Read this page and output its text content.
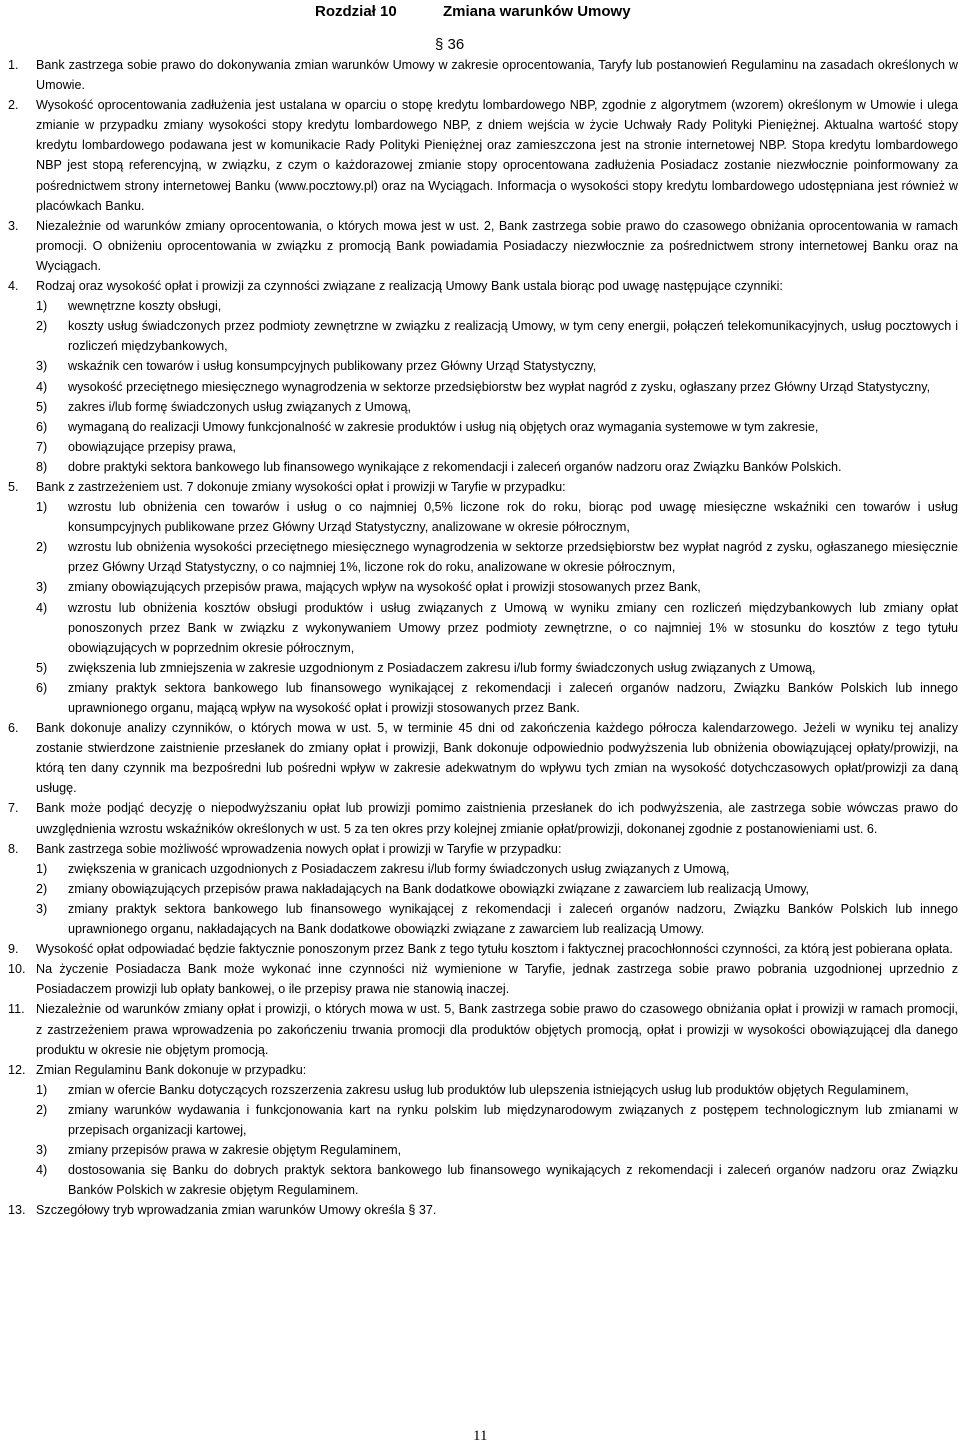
Rozdział 10	Zmiana warunków Umowy
§ 36
1. Bank zastrzega sobie prawo do dokonywania zmian warunków Umowy w zakresie oprocentowania, Taryfy lub postanowień Regulaminu na zasadach określonych w Umowie.
2. Wysokość oprocentowania zadłużenia jest ustalana w oparciu o stopę kredytu lombardowego NBP, zgodnie z algorytmem (wzorem) określonym w Umowie i ulega zmianie w przypadku zmiany wysokości stopy kredytu lombardowego NBP, z dniem wejścia w życie Uchwały Rady Polityki Pieniężnej. Aktualna wartość stopy kredytu lombardowego podawana jest w komunikacie Rady Polityki Pieniężnej oraz zamieszczona jest na stronie internetowej NBP. Stopa kredytu lombardowego NBP jest stopą referencyjną, w związku, z czym o każdorazowej zmianie stopy oprocentowana zadłużenia Posiadacz zostanie niezwłocznie poinformowany za pośrednictwem strony internetowej Banku (www.pocztowy.pl) oraz na Wyciągach. Informacja o wysokości stopy kredytu lombardowego udostępniana jest również w placówkach Banku.
3. Niezależnie od warunków zmiany oprocentowania, o których mowa jest w ust. 2, Bank zastrzega sobie prawo do czasowego obniżania oprocentowania w ramach promocji. O obniżeniu oprocentowania w związku z promocją Bank powiadamia Posiadaczy niezwłocznie za pośrednictwem strony internetowej Banku oraz na Wyciągach.
4. Rodzaj oraz wysokość opłat i prowizji za czynności związane z realizacją Umowy Bank ustala biorąc pod uwagę następujące czynniki:
1) wewnętrzne koszty obsługi,
2) koszty usług świadczonych przez podmioty zewnętrzne w związku z realizacją Umowy, w tym ceny energii, połączeń telekomunikacyjnych, usług pocztowych i rozliczeń międzybankowych,
3) wskaźnik cen towarów i usług konsumpcyjnych publikowany przez Główny Urząd Statystyczny,
4) wysokość przeciętnego miesięcznego wynagrodzenia w sektorze przedsiębiorstw bez wypłat nagród z zysku, ogłaszany przez Główny Urząd Statystyczny,
5) zakres i/lub formę świadczonych usług związanych z Umową,
6) wymaganą do realizacji Umowy funkcjonalność w zakresie produktów i usług nią objętych oraz wymagania systemowe w tym zakresie,
7) obowiązujące przepisy prawa,
8) dobre praktyki sektora bankowego lub finansowego wynikające z rekomendacji i zaleceń organów nadzoru oraz Związku Banków Polskich.
5. Bank z zastrzeżeniem ust. 7 dokonuje zmiany wysokości opłat i prowizji w Taryfie w przypadku:
1) wzrostu lub obniżenia cen towarów i usług o co najmniej 0,5% liczone rok do roku, biorąc pod uwagę miesięczne wskaźniki cen towarów i usług konsumpcyjnych publikowane przez Główny Urząd Statystyczny, analizowane w okresie półrocznym,
2) wzrostu lub obniżenia wysokości przeciętnego miesięcznego wynagrodzenia w sektorze przedsiębiorstw bez wypłat nagród z zysku, ogłaszanego miesięcznie przez Główny Urząd Statystyczny, o co najmniej 1%, liczone rok do roku, analizowane w okresie półrocznym,
3) zmiany obowiązujących przepisów prawa, mających wpływ na wysokość opłat i prowizji stosowanych przez Bank,
4) wzrostu lub obniżenia kosztów obsługi produktów i usług związanych z Umową w wyniku zmiany cen rozliczeń międzybankowych lub zmiany opłat ponoszonych przez Bank w związku z wykonywaniem Umowy przez podmioty zewnętrzne, o co najmniej 1% w stosunku do kosztów z tego tytułu obowiązujących w poprzednim okresie półrocznym,
5) zwiększenia lub zmniejszenia w zakresie uzgodnionym z Posiadaczem zakresu i/lub formy świadczonych usług związanych z Umową,
6) zmiany praktyk sektora bankowego lub finansowego wynikającej z rekomendacji i zaleceń organów nadzoru, Związku Banków Polskich lub innego uprawnionego organu, mającą wpływ na wysokość opłat i prowizji stosowanych przez Bank.
6. Bank dokonuje analizy czynników, o których mowa w ust. 5, w terminie 45 dni od zakończenia każdego półrocza kalendarzowego. Jeżeli w wyniku tej analizy zostanie stwierdzone zaistnienie przesłanek do zmiany opłat i prowizji, Bank dokonuje odpowiednio podwyższenia lub obniżenia obowiązującej opłaty/prowizji, na którą ten dany czynnik ma bezpośredni lub pośredni wpływ w zakresie adekwatnym do wpływu tych zmian na wysokość dotychczasowych opłat/prowizji za daną usługę.
7. Bank może podjąć decyzję o niepodwyższaniu opłat lub prowizji pomimo zaistnienia przesłanek do ich podwyższenia, ale zastrzega sobie wówczas prawo do uwzględnienia wzrostu wskaźników określonych w ust. 5 za ten okres przy kolejnej zmianie opłat/prowizji, dokonanej zgodnie z postanowieniami ust. 6.
8. Bank zastrzega sobie możliwość wprowadzenia nowych opłat i prowizji w Taryfie w przypadku:
1) zwiększenia w granicach uzgodnionych z Posiadaczem zakresu i/lub formy świadczonych usług związanych z Umową,
2) zmiany obowiązujących przepisów prawa nakładających na Bank dodatkowe obowiązki związane z zawarciem lub realizacją Umowy,
3) zmiany praktyk sektora bankowego lub finansowego wynikającej z rekomendacji i zaleceń organów nadzoru, Związku Banków Polskich lub innego uprawnionego organu, nakładających na Bank dodatkowe obowiązki związane z zawarciem lub realizacją Umowy.
9. Wysokość opłat odpowiadać będzie faktycznie ponoszonym przez Bank z tego tytułu kosztom i faktycznej pracochłonności czynności, za którą jest pobierana opłata.
10. Na życzenie Posiadacza Bank może wykonać inne czynności niż wymienione w Taryfie, jednak zastrzega sobie prawo pobrania uzgodnionej uprzednio z Posiadaczem prowizji lub opłaty bankowej, o ile przepisy prawa nie stanowią inaczej.
11. Niezależnie od warunków zmiany opłat i prowizji, o których mowa w ust. 5, Bank zastrzega sobie prawo do czasowego obniżania opłat i prowizji w ramach promocji, z zastrzeżeniem prawa wprowadzenia po zakończeniu trwania promocji dla produktów objętych promocją, opłat i prowizji w wysokości obowiązującej dla danego produktu w okresie nie objętym promocją.
12. Zmian Regulaminu Bank dokonuje w przypadku:
1) zmian w ofercie Banku dotyczących rozszerzenia zakresu usług lub produktów lub ulepszenia istniejących usług lub produktów objętych Regulaminem,
2) zmiany warunków wydawania i funkcjonowania kart na rynku polskim lub międzynarodowym związanych z postępem technologicznym lub zmianami w przepisach organizacji kartowej,
3) zmiany przepisów prawa w zakresie objętym Regulaminem,
4) dostosowania się Banku do dobrych praktyk sektora bankowego lub finansowego wynikających z rekomendacji i zaleceń organów nadzoru oraz Związku Banków Polskich w zakresie objętym Regulaminem.
13. Szczegółowy tryb wprowadzania zmian warunków Umowy określa § 37.
11
